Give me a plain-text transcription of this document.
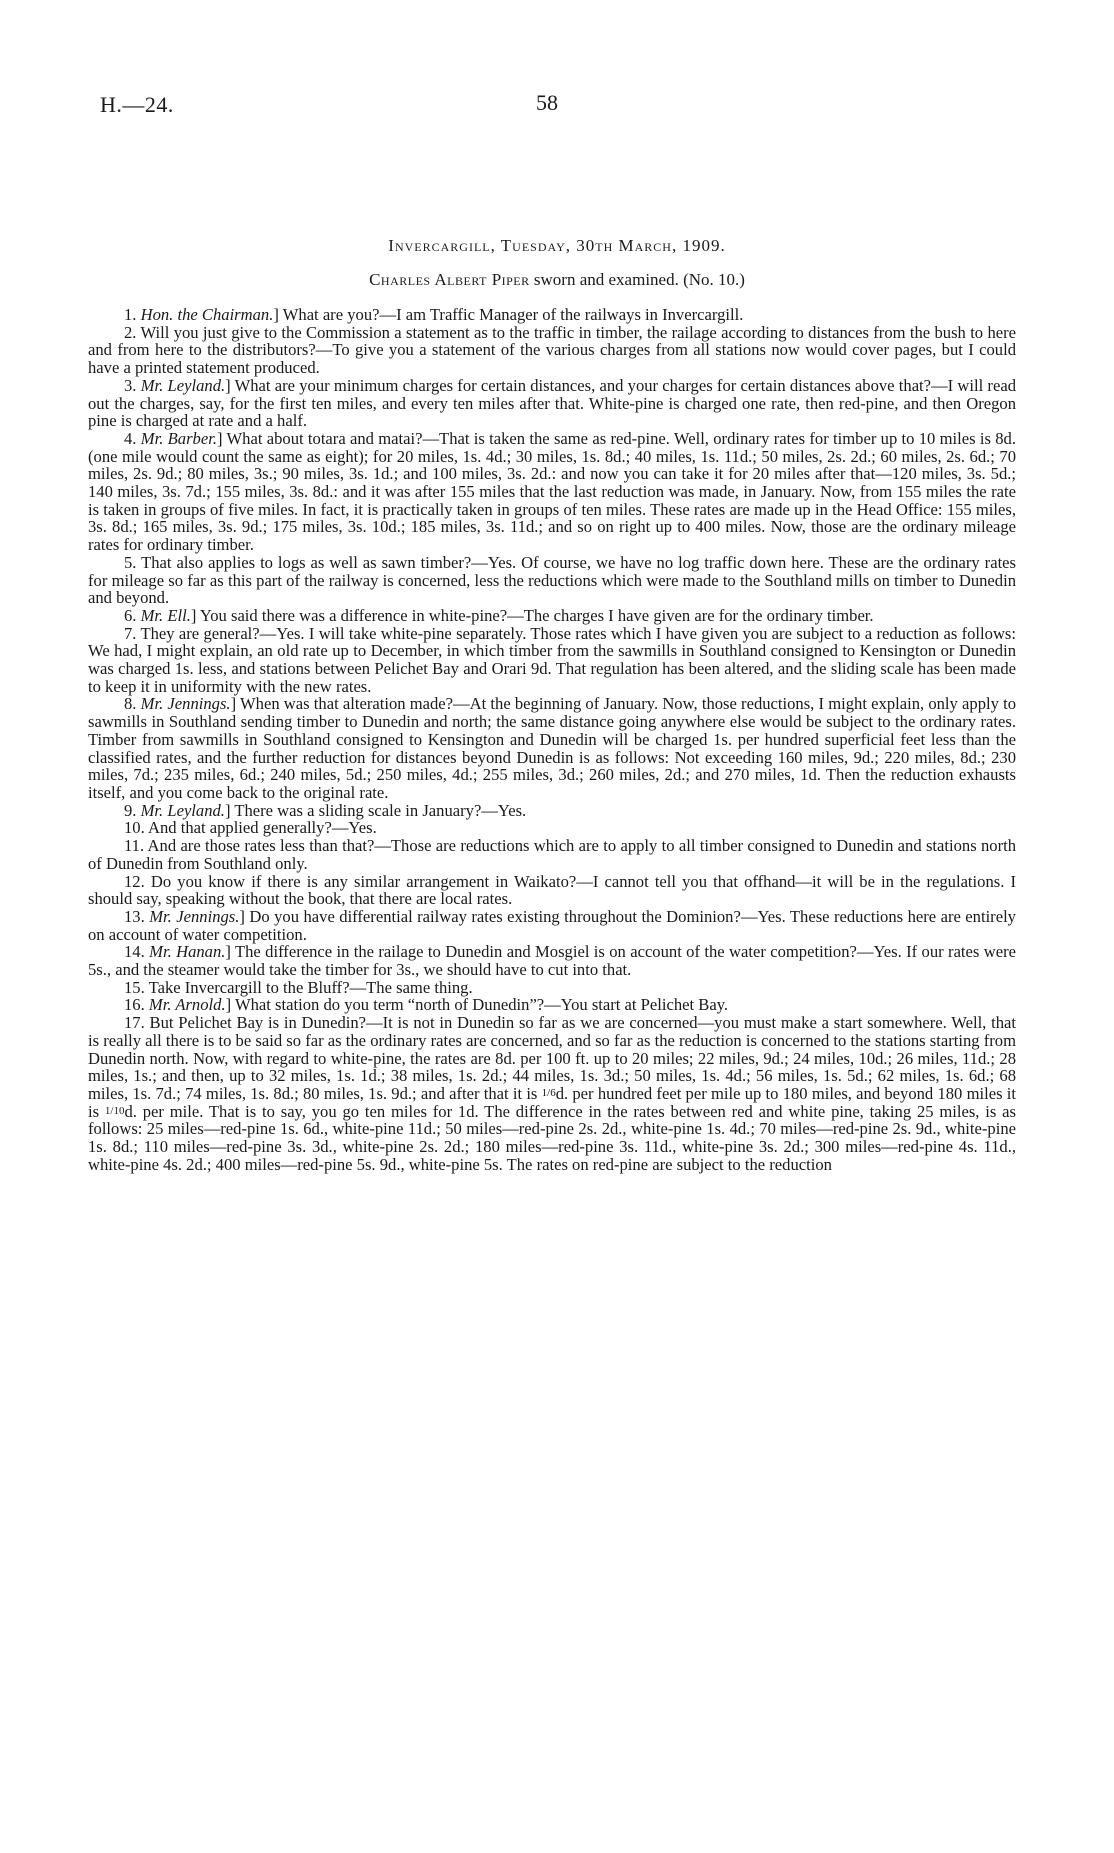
H.—24.	58
Invercargill, Tuesday, 30th March, 1909.
Charles Albert Piper sworn and examined. (No. 10.)

1. Hon. the Chairman.] What are you?—I am Traffic Manager of the railways in Invercargill.

2. Will you just give to the Commission a statement as to the traffic in timber, the railage according to distances from the bush to here and from here to the distributors?—To give you a statement of the various charges from all stations now would cover pages, but I could have a printed statement produced.

3. Mr. Leyland.] What are your minimum charges for certain distances, and your charges for certain distances above that?—I will read out the charges, say, for the first ten miles, and every ten miles after that. White-pine is charged one rate, then red-pine, and then Oregon pine is charged at rate and a half.

4. Mr. Barber.] What about totara and matai?—That is taken the same as red-pine. Well, ordinary rates for timber up to 10 miles is 8d. (one mile would count the same as eight); for 20 miles, 1s. 4d.; 30 miles, 1s. 8d.; 40 miles, 1s. 11d.; 50 miles, 2s. 2d.; 60 miles, 2s. 6d.; 70 miles, 2s. 9d.; 80 miles, 3s.; 90 miles, 3s. 1d.; and 100 miles, 3s. 2d.: and now you can take it for 20 miles after that—120 miles, 3s. 5d.; 140 miles, 3s. 7d.; 155 miles, 3s. 8d.: and it was after 155 miles that the last reduction was made, in January. Now, from 155 miles the rate is taken in groups of five miles. In fact, it is practically taken in groups of ten miles. These rates are made up in the Head Office: 155 miles, 3s. 8d.; 165 miles, 3s. 9d.; 175 miles, 3s. 10d.; 185 miles, 3s. 11d.; and so on right up to 400 miles. Now, those are the ordinary mileage rates for ordinary timber.

5. That also applies to logs as well as sawn timber?—Yes. Of course, we have no log traffic down here. These are the ordinary rates for mileage so far as this part of the railway is concerned, less the reductions which were made to the Southland mills on timber to Dunedin and beyond.

6. Mr. Ell.] You said there was a difference in white-pine?—The charges I have given are for the ordinary timber.

7. They are general?—Yes. I will take white-pine separately. Those rates which I have given you are subject to a reduction as follows: We had, I might explain, an old rate up to December, in which timber from the sawmills in Southland consigned to Kensington or Dunedin was charged 1s. less, and stations between Pelichet Bay and Orari 9d. That regulation has been altered, and the sliding scale has been made to keep it in uniformity with the new rates.

8. Mr. Jennings.] When was that alteration made?—At the beginning of January. Now, those reductions, I might explain, only apply to sawmills in Southland sending timber to Dunedin and north; the same distance going anywhere else would be subject to the ordinary rates. Timber from sawmills in Southland consigned to Kensington and Dunedin will be charged 1s. per hundred superficial feet less than the classified rates, and the further reduction for distances beyond Dunedin is as follows: Not exceeding 160 miles, 9d.; 220 miles, 8d.; 230 miles, 7d.; 235 miles, 6d.; 240 miles, 5d.; 250 miles, 4d.; 255 miles, 3d.; 260 miles, 2d.; and 270 miles, 1d. Then the reduction exhausts itself, and you come back to the original rate.

9. Mr. Leyland.] There was a sliding scale in January?—Yes.

10. And that applied generally?—Yes.

11. And are those rates less than that?—Those are reductions which are to apply to all timber consigned to Dunedin and stations north of Dunedin from Southland only.

12. Do you know if there is any similar arrangement in Waikato?—I cannot tell you that offhand—it will be in the regulations. I should say, speaking without the book, that there are local rates.

13. Mr. Jennings.] Do you have differential railway rates existing throughout the Dominion?—Yes. These reductions here are entirely on account of water competition.

14. Mr. Hanan.] The difference in the railage to Dunedin and Mosgiel is on account of the water competition?—Yes. If our rates were 5s., and the steamer would take the timber for 3s., we should have to cut into that.

15. Take Invercargill to the Bluff?—The same thing.

16. Mr. Arnold.] What station do you term “north of Dunedin”?—You start at Pelichet Bay.

17. But Pelichet Bay is in Dunedin?—It is not in Dunedin so far as we are concerned—you must make a start somewhere. Well, that is really all there is to be said so far as the ordinary rates are concerned, and so far as the reduction is concerned to the stations starting from Dunedin north. Now, with regard to white-pine, the rates are 8d. per 100 ft. up to 20 miles; 22 miles, 9d.; 24 miles, 10d.; 26 miles, 11d.; 28 miles, 1s.; and then, up to 32 miles, 1s. 1d.; 38 miles, 1s. 2d.; 44 miles, 1s. 3d.; 50 miles, 1s. 4d.; 56 miles, 1s. 5d.; 62 miles, 1s. 6d.; 68 miles, 1s. 7d.; 74 miles, 1s. 8d.; 80 miles, 1s. 9d.; and after that it is 1/6d. per hundred feet per mile up to 180 miles, and beyond 180 miles it is 1/10d. per mile. That is to say, you go ten miles for 1d. The difference in the rates between red and white pine, taking 25 miles, is as follows: 25 miles—red-pine 1s. 6d., white-pine 11d.; 50 miles—red-pine 2s. 2d., white-pine 1s. 4d.; 70 miles—red-pine 2s. 9d., white-pine 1s. 8d.; 110 miles—red-pine 3s. 3d., white-pine 2s. 2d.; 180 miles—red-pine 3s. 11d., white-pine 3s. 2d.; 300 miles—red-pine 4s. 11d., white-pine 4s. 2d.; 400 miles—red-pine 5s. 9d., white-pine 5s. The rates on red-pine are subject to the reduction
